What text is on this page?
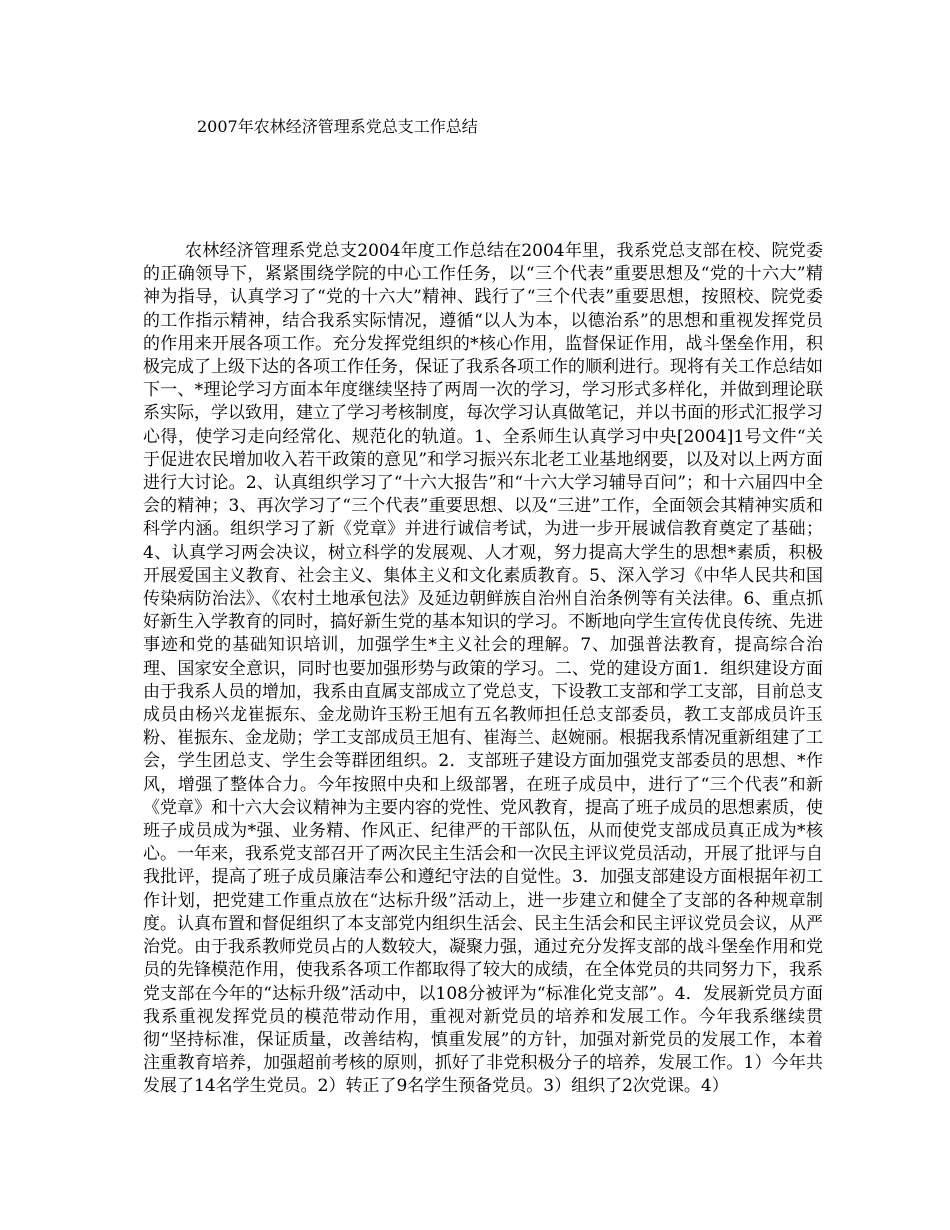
2007年农林经济管理系党总支工作总结

农林经济管理系党总支2004年度工作总结在2004年里，我系党总支部在校、院党委的正确领导下，紧紧围绕学院的中心工作任务，以“三个代表”重要思想及“党的十六大”精神为指导，认真学习了“党的十六大”精神、践行了“三个代表”重要思想，按照校、院党委的工作指示精神，结合我系实际情况，遵循“以人为本，以德治系”的思想和重视发挥党员的作用来开展各项工作。充分发挥党组织的*核心作用，监督保证作用，战斗堡垒作用，积极完成了上级下达的各项工作任务，保证了我系各项工作的顺利进行。现将有关工作总结如下一、*理论学习方面本年度继续坚持了两周一次的学习，学习形式多样化，并做到理论联系实际，学以致用，建立了学习考核制度，每次学习认真做笔记，并以书面的形式汇报学习心得，使学习走向经常化、规范化的轨道。1、全系师生认真学习中央[2004]1号文件“关于促进农民增加收入若干政策的意见”和学习振兴东北老工业基地纲要，以及对以上两方面进行大讨论。2、认真组织学习了“十六大报告”和“十六大学习辅导百问”；和十六届四中全会的精神；3、再次学习了“三个代表”重要思想、以及“三进”工作，全面领会其精神实质和科学内涵。组织学习了新《党章》并进行诚信考试，为进一步开展诚信教育奠定了基础；4、认真学习两会决议，树立科学的发展观、人才观，努力提高大学生的思想*素质，积极开展爱国主义教育、社会主义、集体主义和文化素质教育。5、深入学习《中华人民共和国传染病防治法》、《农村土地承包法》及延边朝鲜族自治州自治条例等有关法律。6、重点抓好新生入学教育的同时，搞好新生党的基本知识的学习。不断地向学生宣传优良传统、先进事迹和党的基础知识培训，加强学生*主义社会的理解。7、加强普法教育，提高综合治理、国家安全意识，同时也要加强形势与政策的学习。二、党的建设方面1．组织建设方面由于我系人员的增加，我系由直属支部成立了党总支，下设教工支部和学工支部，目前总支成员由杨兴龙崔振东、金龙勋许玉粉王旭有五名教师担任总支部委员，教工支部成员许玉粉、崔振东、金龙勋；学工支部成员王旭有、崔海兰、赵婉丽。根据我系情况重新组建了工会，学生团总支、学生会等群团组织。2．支部班子建设方面加强党支部委员的思想、*作风，增强了整体合力。今年按照中央和上级部署，在班子成员中，进行了“三个代表”和新《党章》和十六大会议精神为主要内容的党性、党风教育，提高了班子成员的思想素质，使班子成员成为*强、业务精、作风正、纪律严的干部队伍，从而使党支部成员真正成为*核心。一年来，我系党支部召开了两次民主生活会和一次民主评议党员活动，开展了批评与自我批评，提高了班子成员廉洁奉公和遵纪守法的自觉性。3．加强支部建设方面根据年初工作计划，把党建工作重点放在“达标升级”活动上，进一步建立和健全了支部的各种规章制度。认真布置和督促组织了本支部党内组织生活会、民主生活会和民主评议党员会议，从严治党。由于我系教师党员占的人数较大，凝聚力强，通过充分发挥支部的战斗堡垒作用和党员的先锋模范作用，使我系各项工作都取得了较大的成绩，在全体党员的共同努力下，我系党支部在今年的“达标升级”活动中，以108分被评为“标准化党支部”。4．发展新党员方面我系重视发挥党员的模范带动作用，重视对新党员的培养和发展工作。今年我系继续贯彻“坚持标准，保证质量，改善结构，慎重发展”的方针，加强对新党员的发展工作，本着注重教育培养，加强超前考核的原则，抓好了非党积极分子的培养，发展工作。1）今年共发展了14名学生党员。2）转正了9名学生预备党员。3）组织了2次党课。4）
